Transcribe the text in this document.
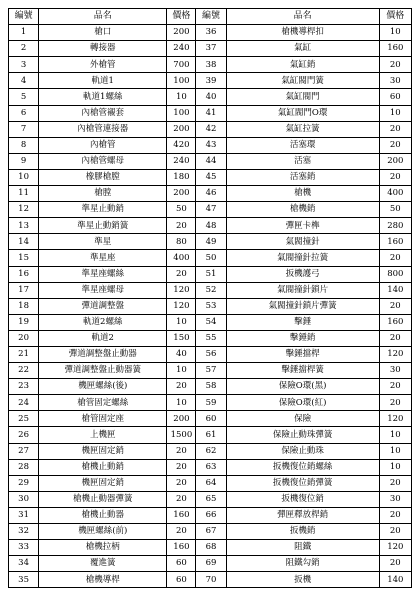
編號	品名	價格	編號	品名	價格
1	槍口	200	36	槍機導桿扣	10
2	轉接器	240	37	氣缸	160
3	外槍管	700	38	氣缸銷	20
4	軌道1	100	39	氣缸閥門簧	30
5	軌道1螺絲	10	40	氣缸閥門	60
6	內槍管襯套	100	41	氣缸閥門O環	10
7	內槍管連接器	200	42	氣缸拉簧	20
8	內槍管	420	43	活塞環	20
9	內槍管螺母	240	44	活塞	200
10	橡膠槍膛	180	45	活塞銷	20
11	槍膛	200	46	槍機	400
12	準星止動銷	50	47	槍機銷	50
13	準星止動銷簧	20	48	彈匣卡榫	280
14	準星	80	49	氣閥撞針	160
15	準星座	400	50	氣閥撞針拉簧	20
16	準星座螺絲	20	51	扳機護弓	800
17	準星座螺母	120	52	氣閥撞針鎖片	140
18	彈道調整盤	120	53	氣閥撞針鎖片彈簧	20
19	軌道2螺絲	10	54	擊錘	160
20	軌道2	150	55	擊錘銷	20
21	彈道調整盤止動器	40	56	擊錘擋桿	120
22	彈道調整盤止動器簧	10	57	擊錘擋桿簧	30
23	機匣螺絲(後)	20	58	保險O環(黑)	20
24	槍管固定螺絲	10	59	保險O環(紅)	20
25	槍管固定座	200	60	保險	120
26	上機匣	1500	61	保險止動珠彈簧	10
27	機匣固定銷	20	62	保險止動珠	10
28	槍機止動銷	20	63	扳機復位銷螺絲	10
29	機匣固定銷	20	64	扳機復位銷彈簧	20
30	槍機止動器彈簧	20	65	扳機復位銷	30
31	槍機止動器	160	66	彈匣釋放桿銷	20
32	機匣螺絲(前)	20	67	扳機銷	20
33	槍機拉柄	160	68	阻鐵	120
34	覆進簧	60	69	阻鐵勾銷	20
35	槍機導桿	60	70	扳機	140
